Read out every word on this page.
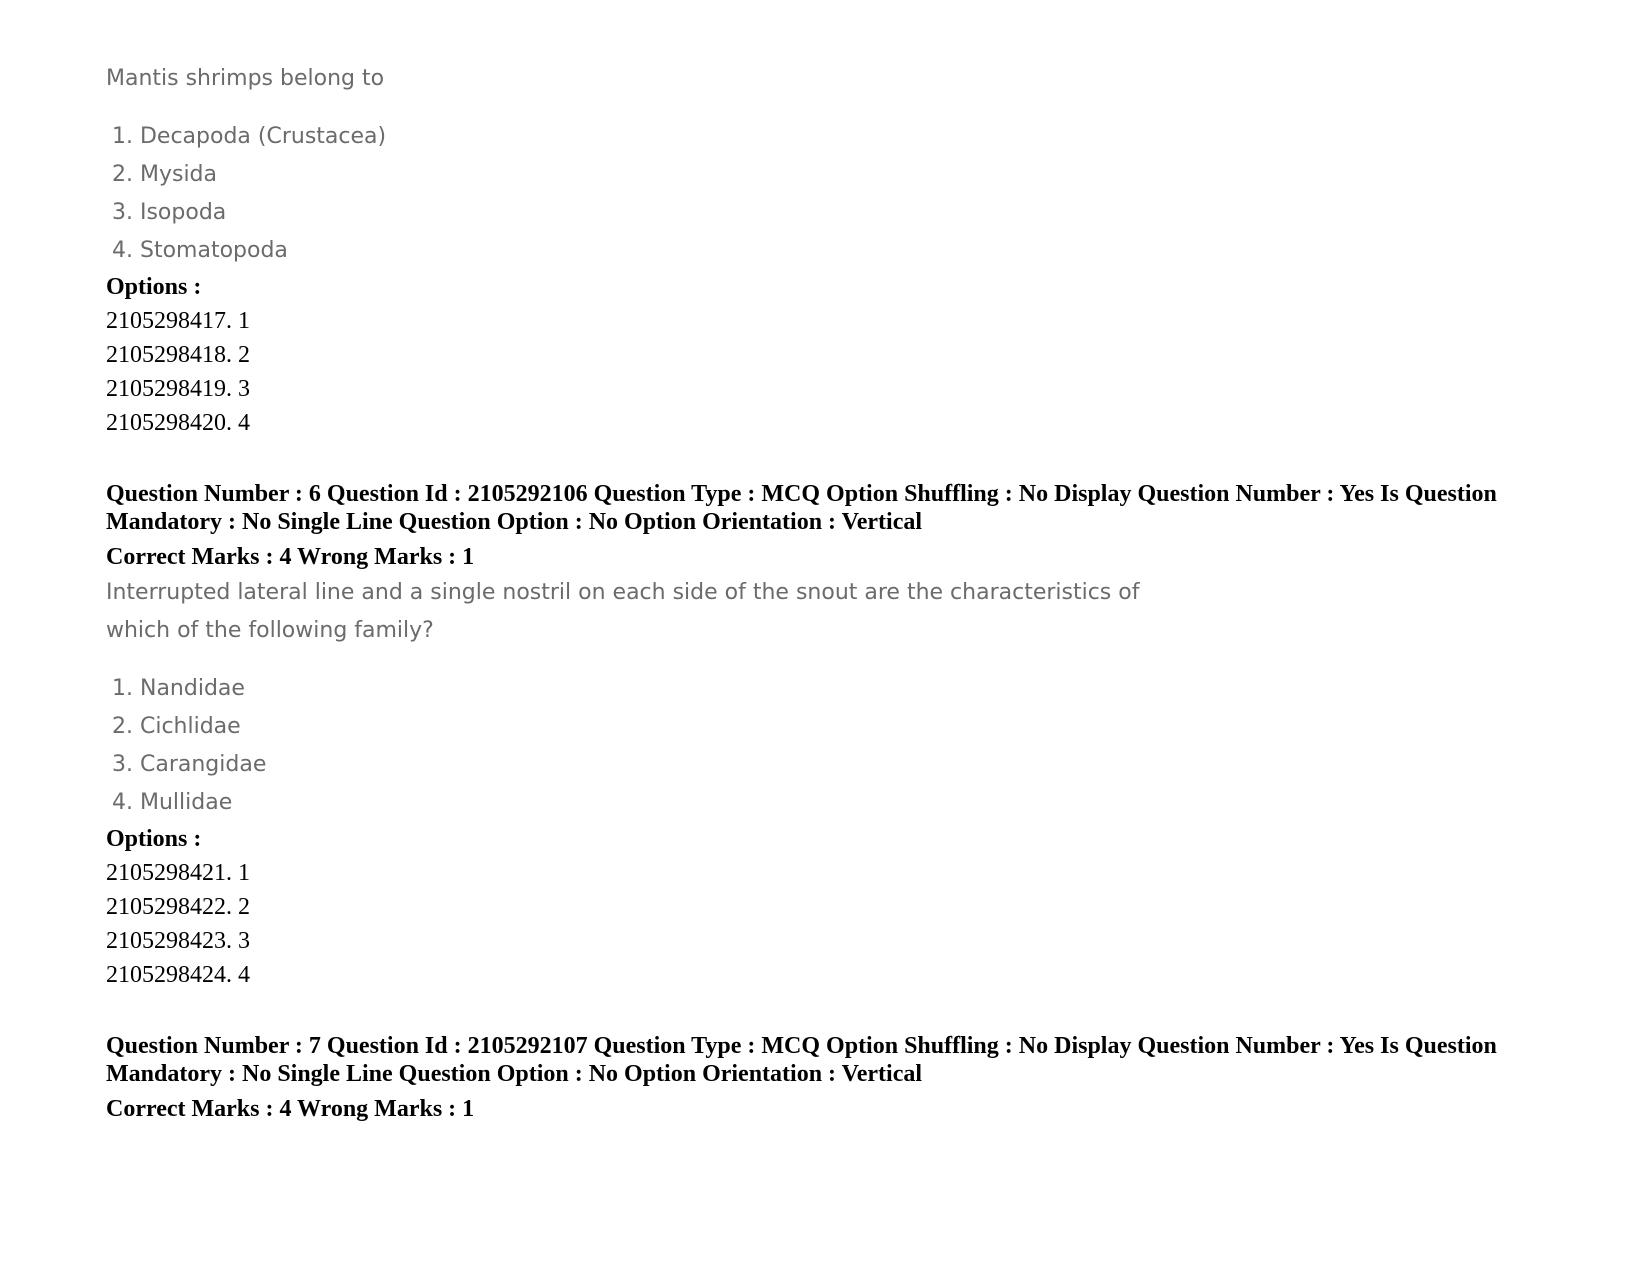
Mantis shrimps belong to

1. Decapoda (Crustacea)
2. Mysida
3. Isopoda
4. Stomatopoda

Options :

2105298417. 1

2105298418. 2

2105298419. 3

2105298420. 4

Question Number : 6 Question Id : 2105292106 Question Type : MCQ Option Shuffling : No Display Question Number : Yes Is Question

Mandatory : No Single Line Question Option : No Option Orientation : Vertical

Correct Marks : 4 Wrong Marks : 1

Interrupted lateral line and a single nostril on each side of the snout are the characteristics of

which of the following family?

1. Nandidae
2. Cichlidae
3. Carangidae
4. Mullidae

Options :

2105298421. 1

2105298422. 2

2105298423. 3

2105298424. 4

Question Number : 7 Question Id : 2105292107 Question Type : MCQ Option Shuffling : No Display Question Number : Yes Is Question

Mandatory : No Single Line Question Option : No Option Orientation : Vertical

Correct Marks : 4 Wrong Marks : 1
